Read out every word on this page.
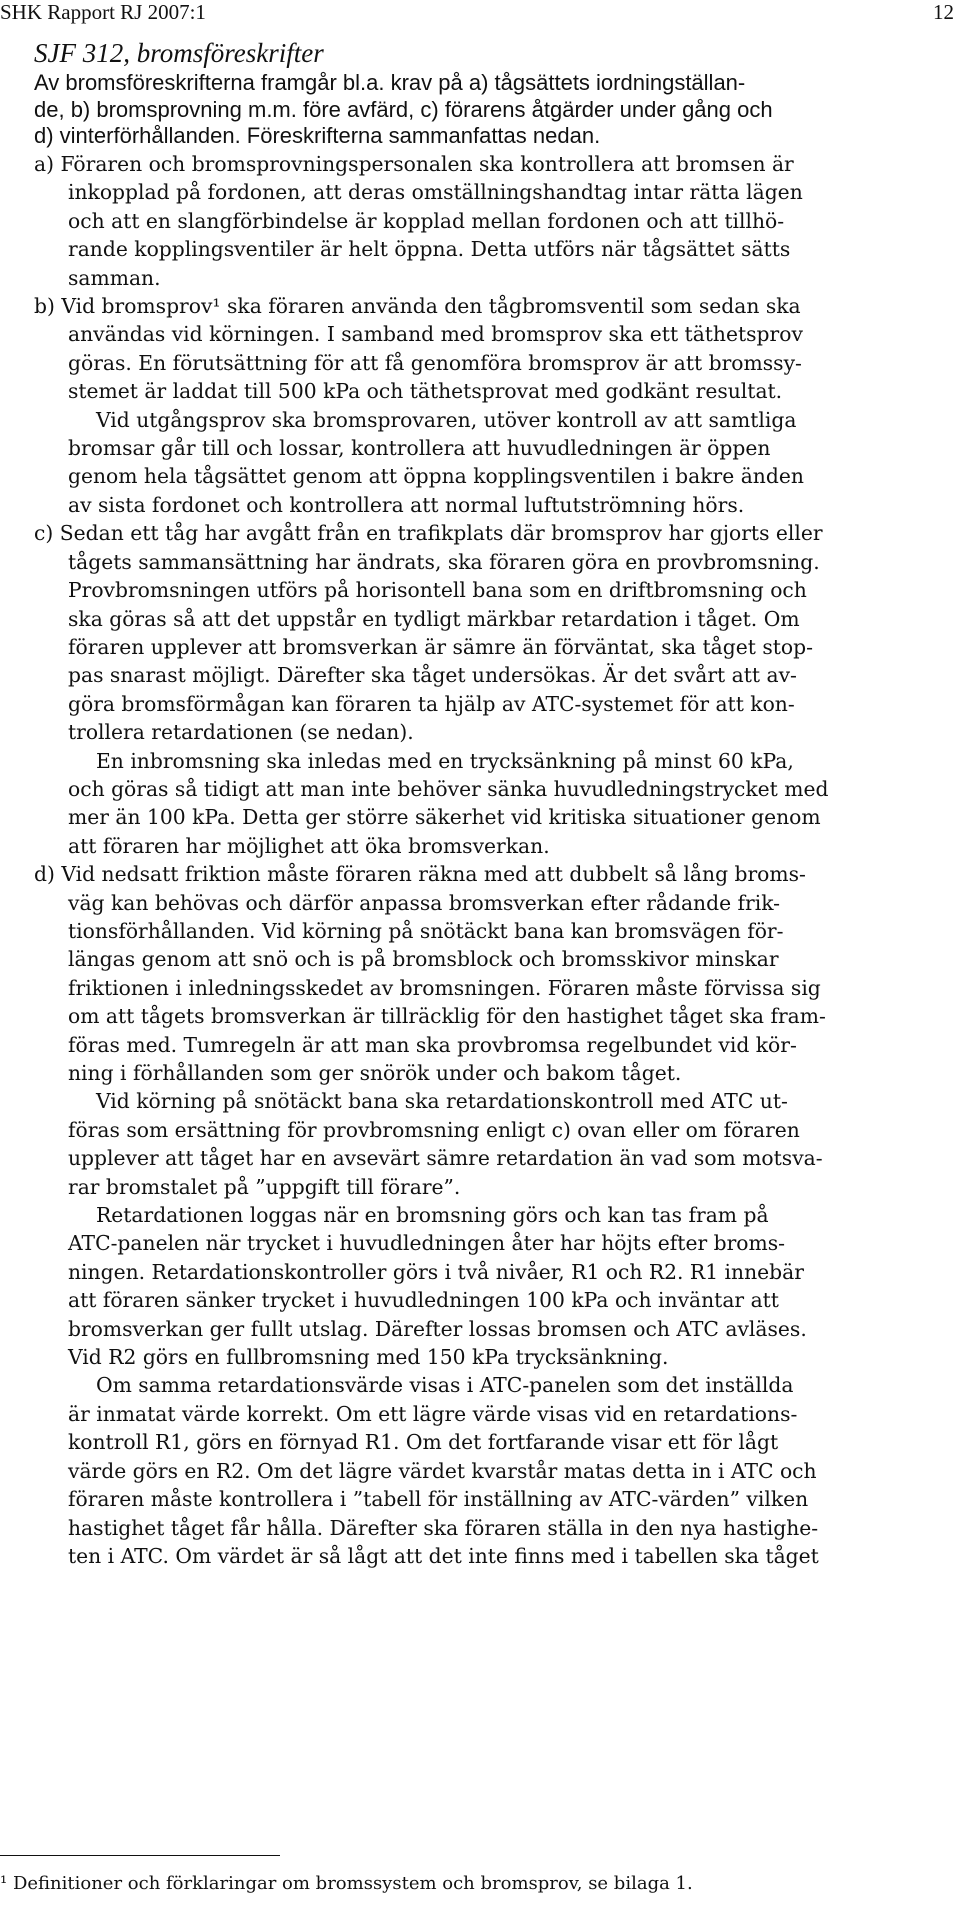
SHK Rapport RJ 2007:1	12
SJF 312, bromsföreskrifter
Av bromsföreskrifterna framgår bl.a. krav på a) tågsättets iordningställan-
de, b) bromsprovning m.m. före avfärd, c) förarens åtgärder under gång och
d) vinterförhållanden. Föreskrifterna sammanfattas nedan.
a) Föraren och bromsprovningspersonalen ska kontrollera att bromsen är
inkopplad på fordonen, att deras omställningshandtag intar rätta lägen
och att en slangförbindelse är kopplad mellan fordonen och att tillhö-
rande kopplingsventiler är helt öppna. Detta utförs när tågsättet sätts
samman.
b) Vid bromsprov¹ ska föraren använda den tågbromsventil som sedan ska
användas vid körningen. I samband med bromsprov ska ett täthetsprov
göras. En förutsättning för att få genomföra bromsprov är att bromssy-
stemet är laddat till 500 kPa och täthetsprovat med godkänt resultat.
Vid utgångsprov ska bromsprovaren, utöver kontroll av att samtliga
bromsar går till och lossar, kontrollera att huvudledningen är öppen
genom hela tågsättet genom att öppna kopplingsventilen i bakre änden
av sista fordonet och kontrollera att normal luftutströmning hörs.
c) Sedan ett tåg har avgått från en trafikplats där bromsprov har gjorts eller
tågets sammansättning har ändrats, ska föraren göra en provbromsning.
Provbromsningen utförs på horisontell bana som en driftbromsning och
ska göras så att det uppstår en tydligt märkbar retardation i tåget. Om
föraren upplever att bromsverkan är sämre än förväntat, ska tåget stop-
pas snarast möjligt. Därefter ska tåget undersökas. Är det svårt att av-
göra bromsförmågan kan föraren ta hjälp av ATC-systemet för att kon-
trollera retardationen (se nedan).
En inbromsning ska inledas med en trycksänkning på minst 60 kPa,
och göras så tidigt att man inte behöver sänka huvudledningstrycket med
mer än 100 kPa. Detta ger större säkerhet vid kritiska situationer genom
att föraren har möjlighet att öka bromsverkan.
d) Vid nedsatt friktion måste föraren räkna med att dubbelt så lång broms-
väg kan behövas och därför anpassa bromsverkan efter rådande frik-
tionsförhållanden. Vid körning på snötäckt bana kan bromsvägen för-
längas genom att snö och is på bromsblock och bromsskivor minskar
friktionen i inledningsskedet av bromsningen. Föraren måste förvissa sig
om att tågets bromsverkan är tillräcklig för den hastighet tåget ska fram-
föras med. Tumregeln är att man ska provbromsa regelbundet vid kör-
ning i förhållanden som ger snörök under och bakom tåget.
Vid körning på snötäckt bana ska retardationskontroll med ATC ut-
föras som ersättning för provbromsning enligt c) ovan eller om föraren
upplever att tåget har en avsevärt sämre retardation än vad som motsva-
rar bromstalet på ”uppgift till förare”.
Retardationen loggas när en bromsning görs och kan tas fram på
ATC-panelen när trycket i huvudledningen åter har höjts efter broms-
ningen. Retardationskontroller görs i två nivåer, R1 och R2. R1 innebär
att föraren sänker trycket i huvudledningen 100 kPa och inväntar att
bromsverkan ger fullt utslag. Därefter lossas bromsen och ATC avläses.
Vid R2 görs en fullbromsning med 150 kPa trycksänkning.
Om samma retardationsvärde visas i ATC-panelen som det inställda
är inmatat värde korrekt. Om ett lägre värde visas vid en retardations-
kontroll R1, görs en förnyad R1. Om det fortfarande visar ett för lågt
värde görs en R2. Om det lägre värdet kvarstår matas detta in i ATC och
föraren måste kontrollera i ”tabell för inställning av ATC-värden” vilken
hastighet tåget får hålla. Därefter ska föraren ställa in den nya hastighe-
ten i ATC. Om värdet är så lågt att det inte finns med i tabellen ska tåget
¹ Definitioner och förklaringar om bromssystem och bromsprov, se bilaga 1.
